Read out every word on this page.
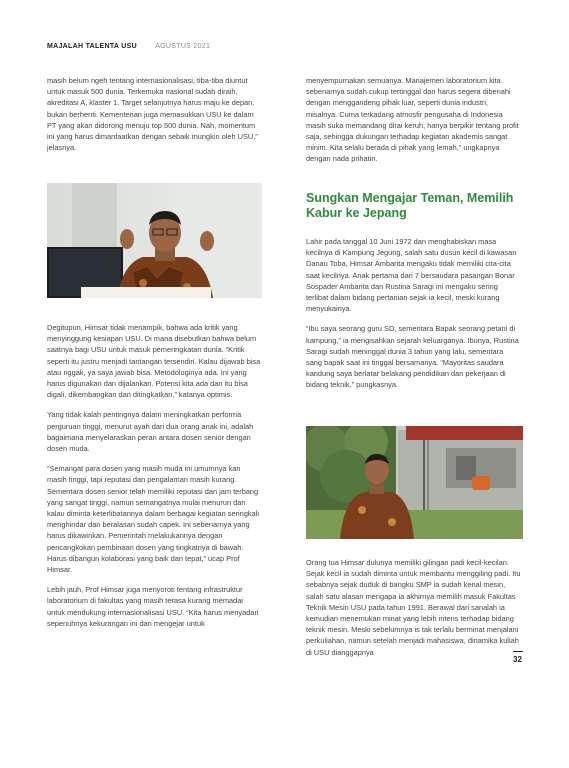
MAJALAH TALENTA USU	AGUSTUS 2021

masih belum ngeh tentang internasionalisasi, tiba-tiba diuntut untuk masuk 500 dunia. Terkemuka nasional sudah diraih, akreditasi A, klaster 1. Target selanjutnya harus maju ke depan, bukan berhenti. Kementerian juga memasukkan USU ke dalam PT yang akan didorong menuju top 500 dunia. Nah, momentum ini yang harus dimanfaatkan dengan sebaik mungkin oleh USU,” jelasnya.

Degitupun, Himsar tidak menampik, bahwa ada kritik yang menyinggung kesiapan USU. Di mana disebutkan bahwa belum saatnya bagi USU untuk masuk pemeringkatan dunia. “Kritik seperti itu justru menjadi tantangan tersendiri. Kalau dijawab bisa atau nggak, ya saya jawab bisa. Metodologinya ada. Ini yang harus digunakan dan dijalankan. Potensi kita ada dan itu bisa digali, dikembangkan dan ditingkatkan,” katanya optimis.

Yang tidak kalah pentingnya dalam meningkatkan performa perguruan tinggi, menurut ayah dari dua orang anak ini, adalah bagaimana menyelaraskan peran antara dosen senior dengan dosen muda.

“Semangat para dosen yang masih muda ini umumnya kan masih tinggi, tapi reputasi dan pengalaman masih kurang. Sementara dosen senior telah memiliki reputasi dan jam terbang yang sangat tinggi, namun semangatnya mulai menurun dan kalau diminta keterlibatannya dalam berbagai kegiatan seringkali menghindar dan beralasan sudah capek. Ini sebenarnya yang harus dikawinkan. Pemerintah melakukannya dengan pencangkokan pembinaan dosen yang tingkatnya di bawah. Harus dibangun kolaborasi yang baik dan tepat,” ucap Prof Himsar.

Lebih jauh, Prof Himsar juga menyoroti tentang infrastruktur laboratorium di fakultas yang masih terasa kurang memadai untuk mendukung internasionalisasi USU. “Kita harus menyadari sepenuhnya kekurangan ini dan mengejar untuk

menyempurnakan semuanya. Manajemen laboratorium kita sebenarnya sudah cukup tertinggal dan harus segera dibenahi dengan menggandeng pihak luar, seperti dunia industri, misalnya. Cuma terkadang atmosfir pengusaha di Indonesia masih suka memandang dirai keruh, hanya berpikir tentang profit saja, sehingga dukungan terhadap kegiatan akademis sangat minim. Kita selalu berada di pihak yang lemah,” ungkapnya dengan nada prihatin.

Sungkan Mengajar Teman, Memilih Kabur ke Jepang

Lahir pada tanggal 10 Juni 1972 dan menghabiskan masa kecilnya di Kampung Jegung, salah satu dusun kecil di kawasan Danau Toba, Himsar Ambarita mengaku tidak memiliki cita-cita saat kecilnya. Anak pertama dari 7 bersaudara pasangan Bonar Sospader Ambarita dan Rustina Saragi ini mengaku sering terlibat dalam bidang pertanian sejak ia kecil, meski kurang menyukainya.

“Ibu saya seorang guru SD, sementara Bapak seorang petani di kampung,” ia mengisahkan sejarah keluarganya. Ibunya, Rustina Saragi sudah meninggal dunia 3 tahun yang lalu, sementara sang bapak saat ini tinggal bersamanya. “Mayoritas saudara kandung saya berlatar belakang pendidikan dan pekerjaan di bidang teknik,” pungkasnya.

Orang tua Himsar dulunya memiliki gilingan padi kecil-kecilan. Sejak kecil ia sudah diminta untuk membantu menggiling padi. Itu sebabnya sejak duduk di bangku SMP ia sudah kenal mesin, salah satu alasan mengapa ia akhirnya memilih masuk Fakultas Teknik Mesin USU pada tahun 1991. Berawal dari sanalah ia kemudian menemukan minat yang lebih intens terhadap bidang teknik mesin. Meski sebelumnya is tak terlalu berminat menjalani perkuliahan, namun setelah menjadi mahasiswa, dinamika kuliah di USU dianggapnya

32
